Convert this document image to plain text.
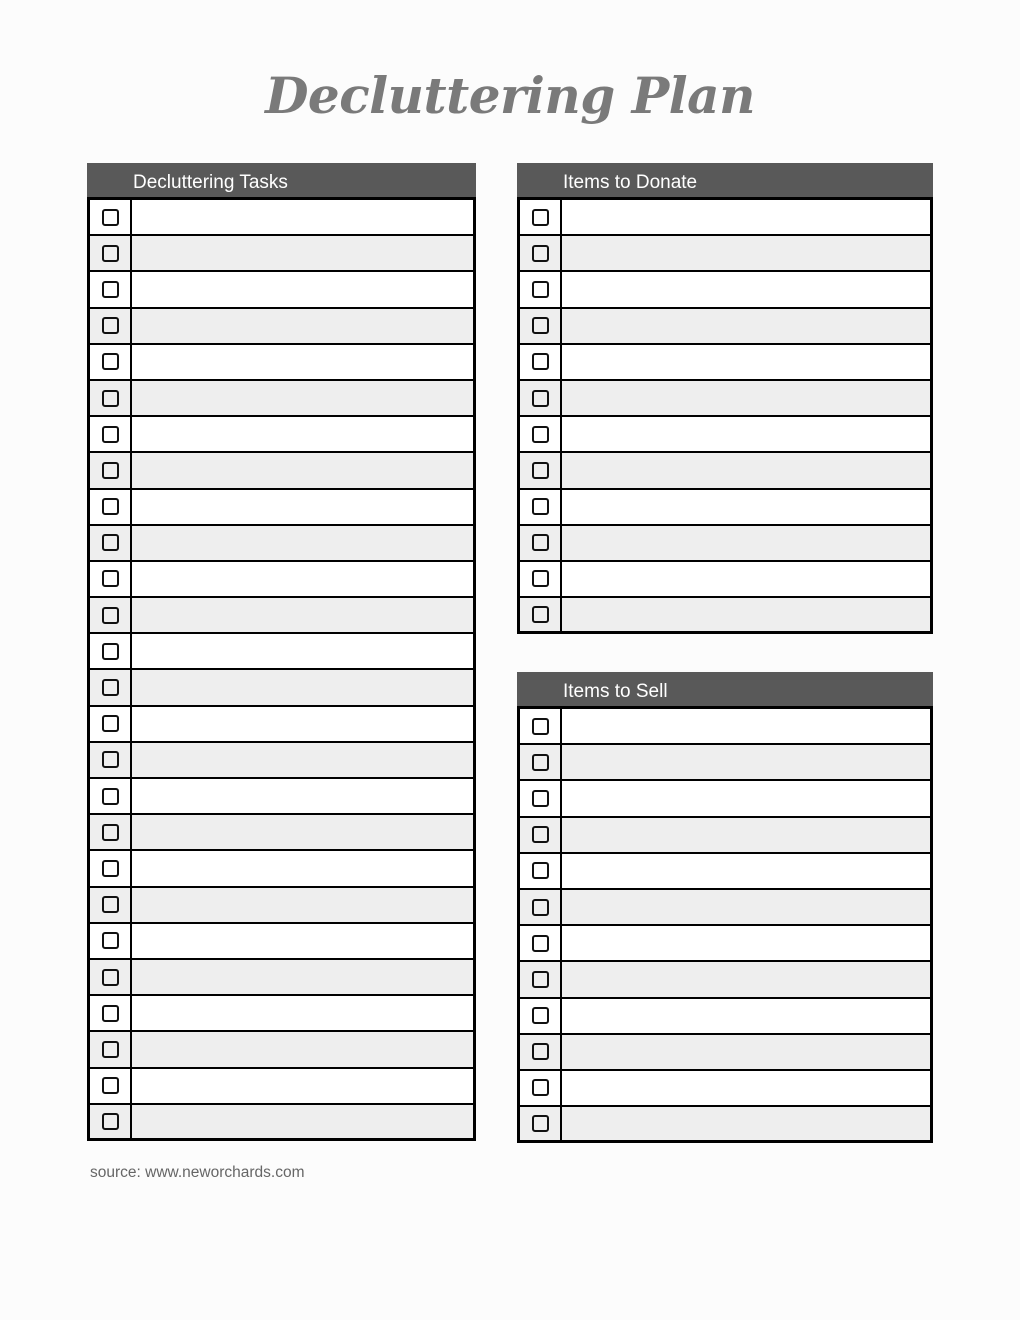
Decluttering Plan
Decluttering Tasks	Items to Donate
Items to Sell
source: www.neworchards.com
